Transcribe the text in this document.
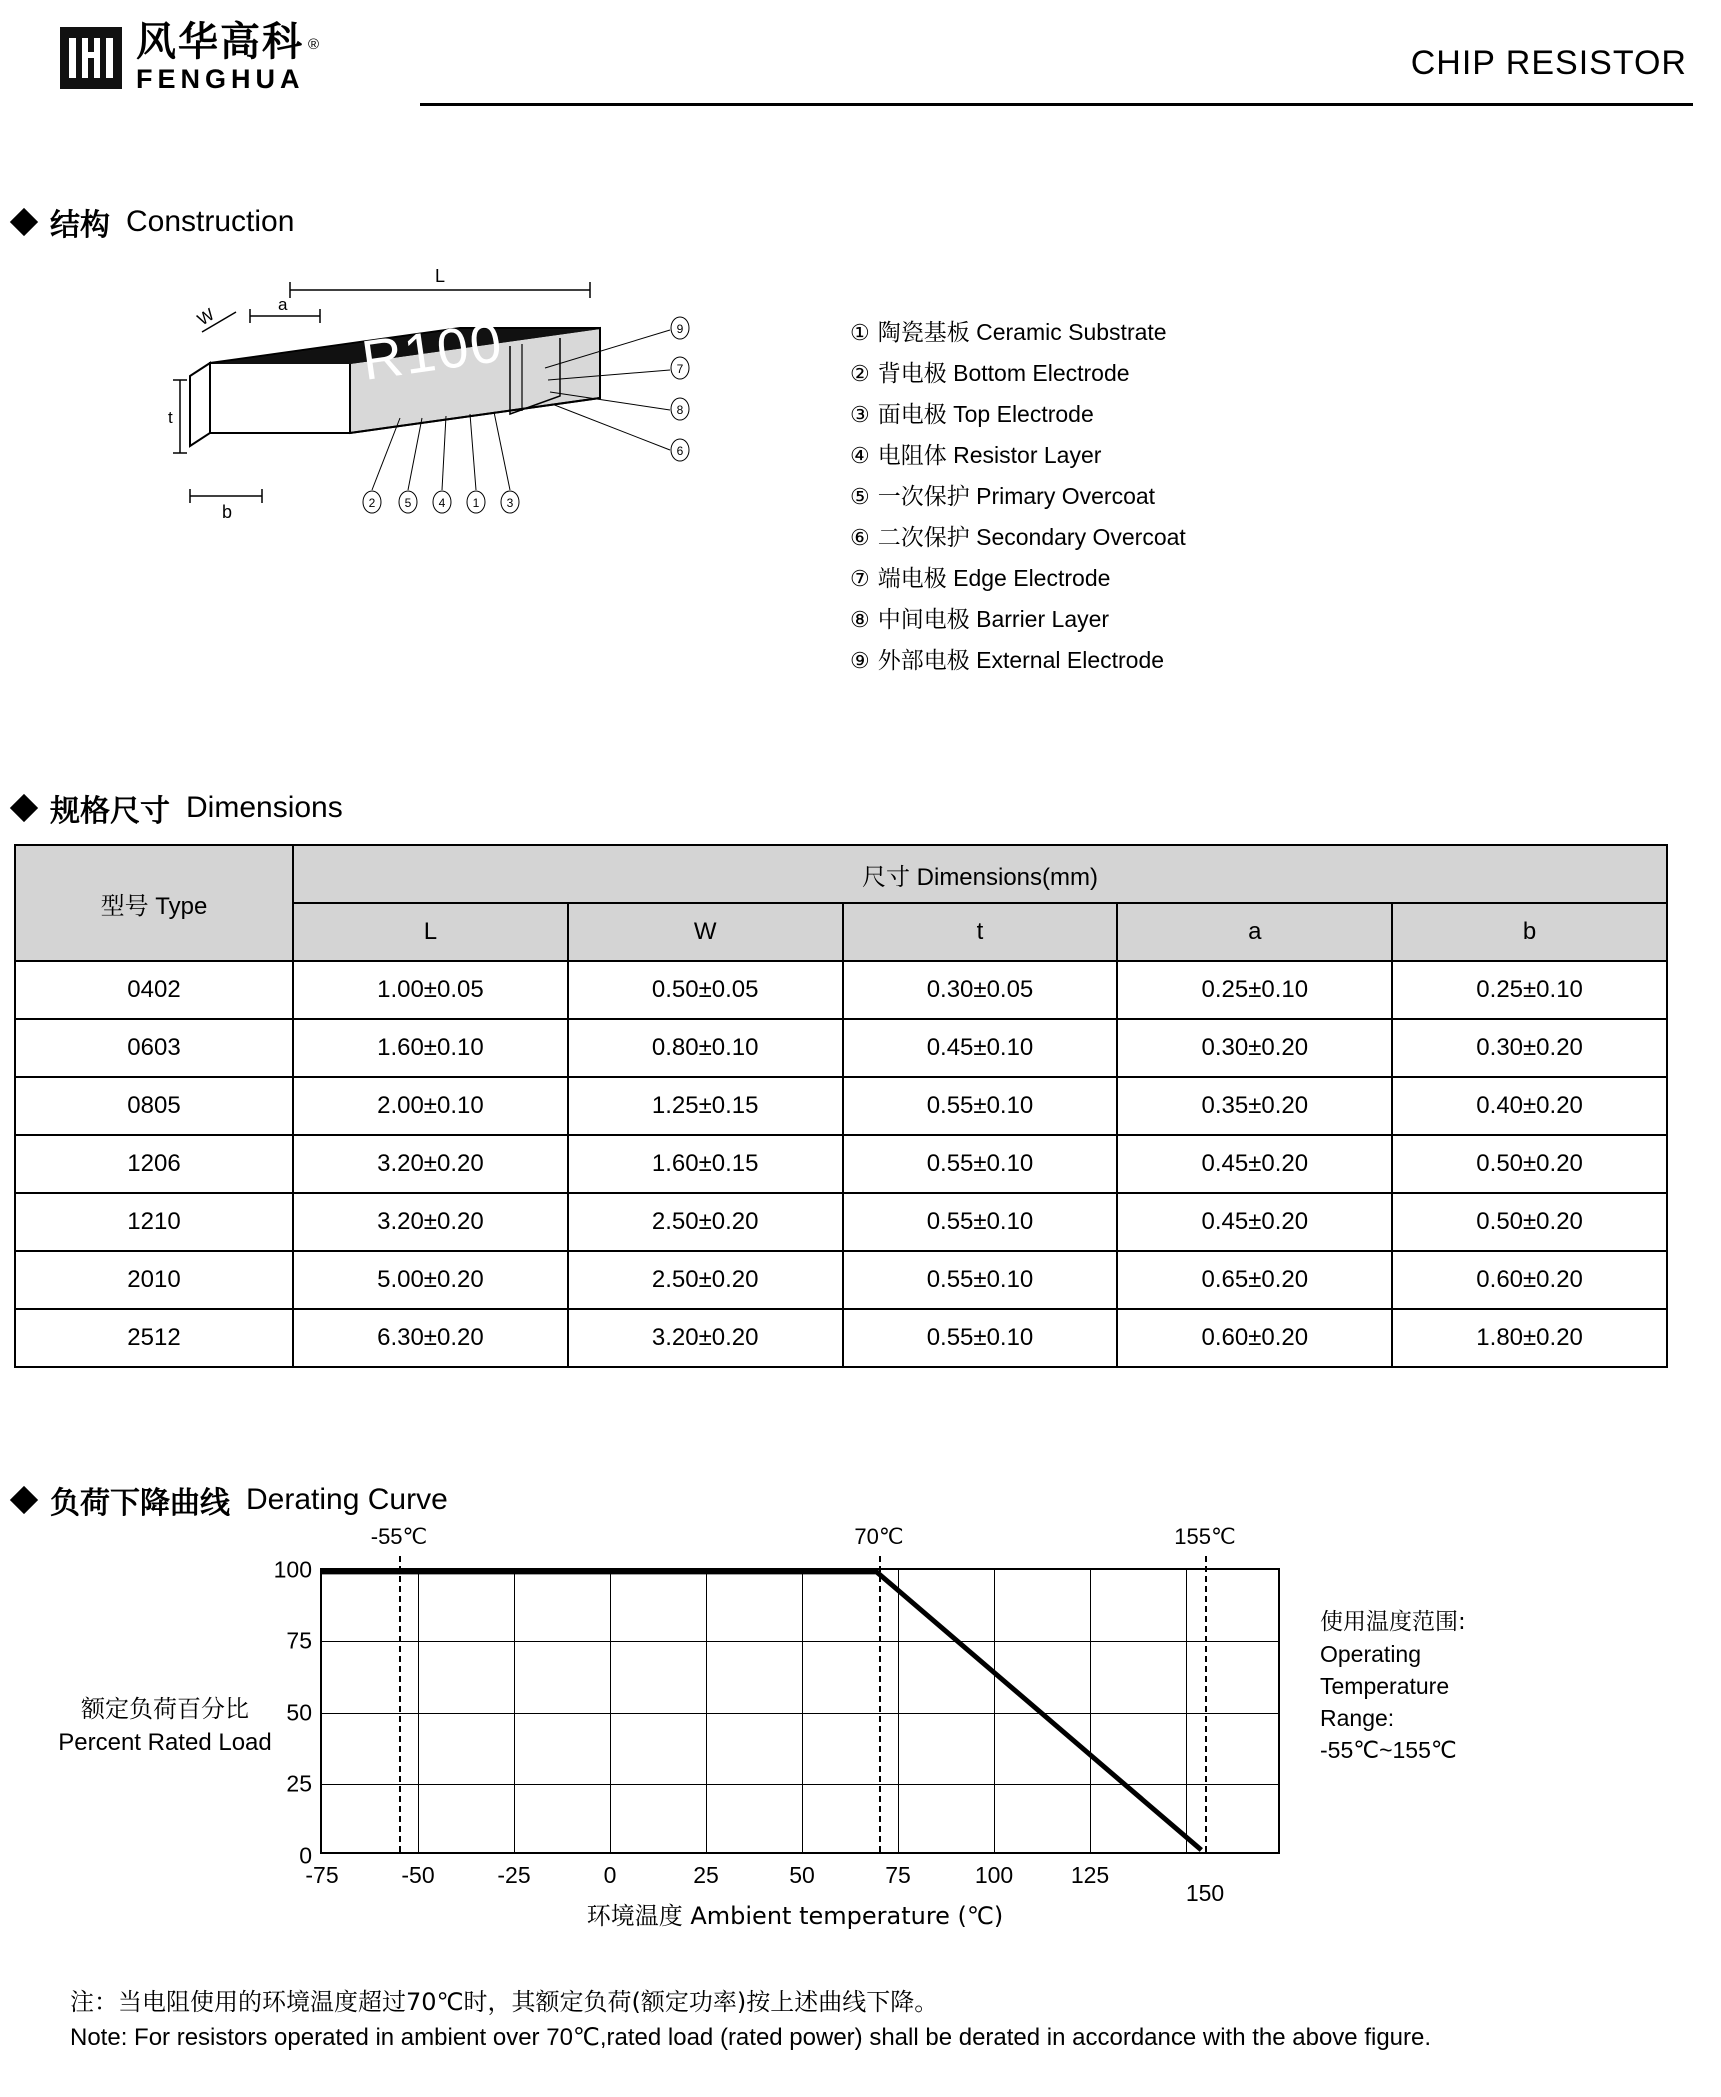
风华高科 ®
FENGHUA	CHIP RESISTOR
结构 Construction
L
a
R100
W
t
b
9
7
8
6
2 5 4 1 3
① 陶瓷基板 Ceramic Substrate
② 背电极 Bottom Electrode
③ 面电极 Top Electrode
④ 电阻体 Resistor Layer
⑤ 一次保护 Primary Overcoat
⑥ 二次保护 Secondary Overcoat
⑦ 端电极 Edge Electrode
⑧ 中间电极 Barrier Layer
⑨ 外部电极 External Electrode
规格尺寸 Dimensions
型号 Type	尺寸 Dimensions(mm)				
	L	W	t	a	b
0402	1.00±0.05	0.50±0.05	0.30±0.05	0.25±0.10	0.25±0.10
0603	1.60±0.10	0.80±0.10	0.45±0.10	0.30±0.20	0.30±0.20
0805	2.00±0.10	1.25±0.15	0.55±0.10	0.35±0.20	0.40±0.20
1206	3.20±0.20	1.60±0.15	0.55±0.10	0.45±0.20	0.50±0.20
1210	3.20±0.20	2.50±0.20	0.55±0.10	0.45±0.20	0.50±0.20
2010	5.00±0.20	2.50±0.20	0.55±0.10	0.65±0.20	0.60±0.20
2512	6.30±0.20	3.20±0.20	0.55±0.10	0.60±0.20	1.80±0.20
负荷下降曲线 Derating Curve
额定负荷百分比
Percent Rated Load
-55℃	70℃	155℃
100
75
50
25
0
-75	-50	-25	0	25	50	75	100	125
150
环境温度 Ambient temperature (℃)
使用温度范围:
Operating
Temperature
Range:
-55℃~155℃
注：当电阻使用的环境温度超过70℃时，其额定负荷(额定功率)按上述曲线下降。
Note: For resistors operated in ambient over 70℃,rated load (rated power) shall be derated in accordance with the above figure.
